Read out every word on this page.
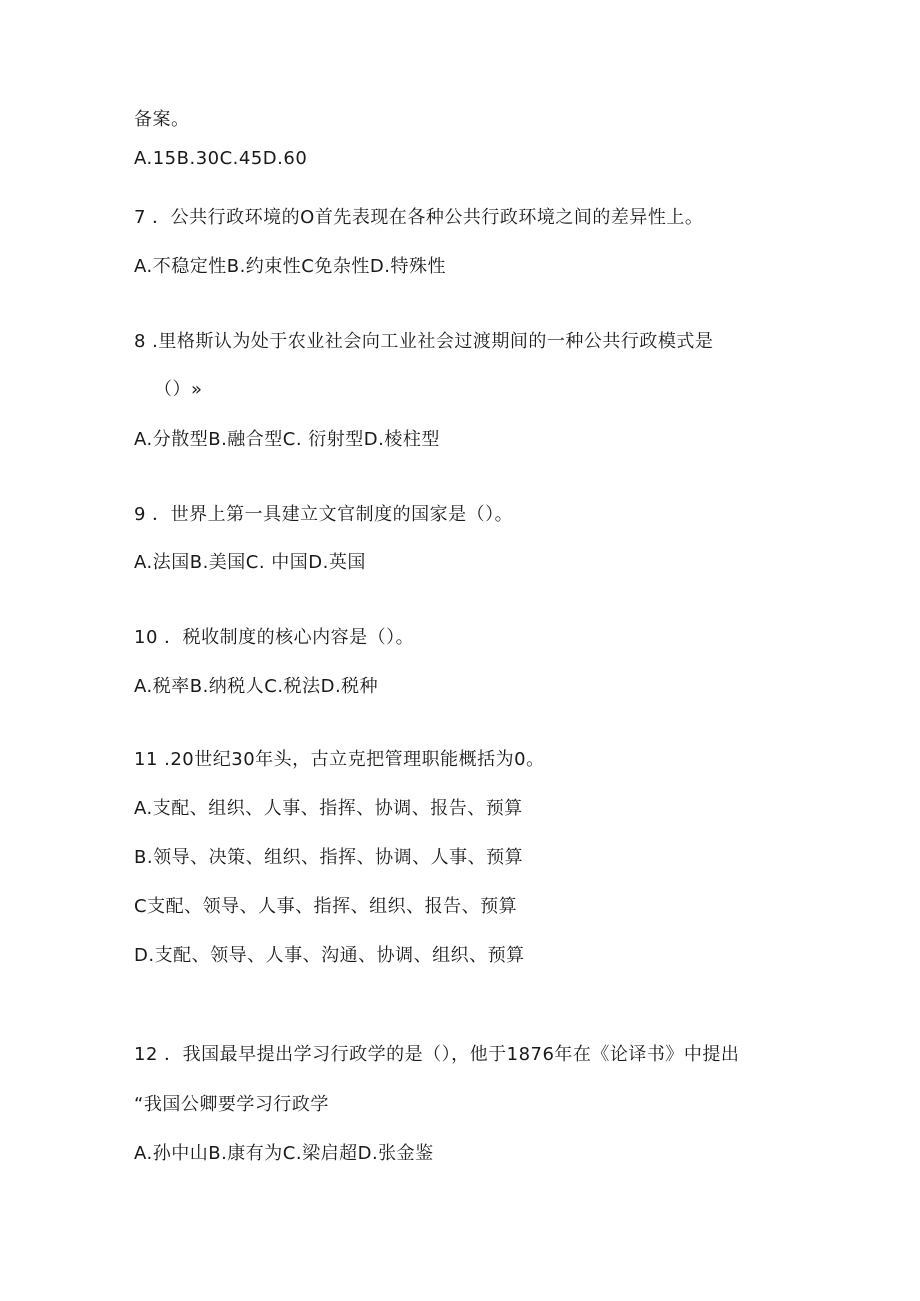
备案。
A.15B.30C.45D.60
7 ．公共行政环境的O首先表现在各种公共行政环境之间的差异性上。
A.不稳定性B.约束性C免杂性D.特殊性
8 .里格斯认为处于农业社会向工业社会过渡期间的一种公共行政模式是
（）»
A.分散型B.融合型C. 衍射型D.棱柱型
9 ．世界上第一具建立文官制度的国家是（）。
A.法国B.美国C. 中国D.英国
10 ．税收制度的核心内容是（）。
A.税率B.纳税人C.税法D.税种
11 .20世纪30年头，古立克把管理职能概括为0。
A.支配、组织、人事、指挥、协调、报告、预算
B.领导、决策、组织、指挥、协调、人事、预算
C支配、领导、人事、指挥、组织、报告、预算
D.支配、领导、人事、沟通、协调、组织、预算
12 ．我国最早提出学习行政学的是（），他于1876年在《论译书》中提出
“我国公卿要学习行政学
A.孙中山B.康有为C.梁启超D.张金鉴
